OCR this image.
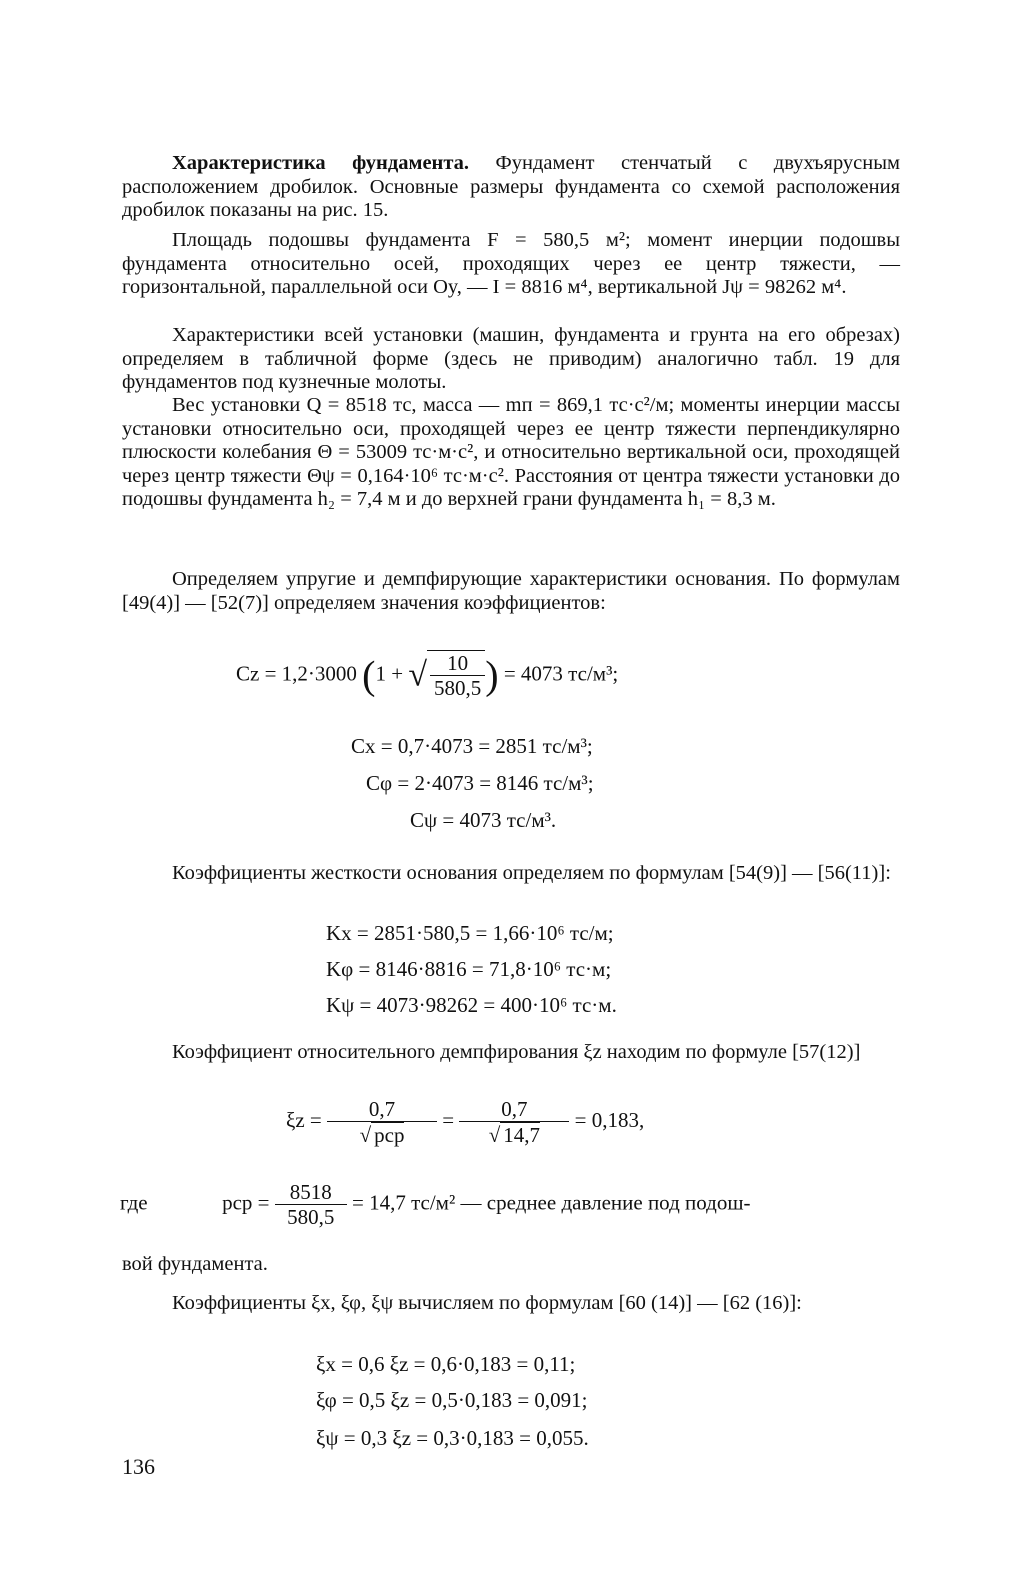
Характеристика фундамента. Фундамент стенчатый с двухъярусным расположением дробилок. Основные размеры фундамента со схемой расположения дробилок показаны на рис. 15.

Площадь подошвы фундамента F = 580,5 м²; момент инерции подошвы фундамента относительно осей, проходящих через ее центр тяжести, — горизонтальной, параллельной оси Oy, — I = 8816 м⁴, вертикальной Jψ = 98262 м⁴.

Характеристики всей установки (машин, фундамента и грунта на его обрезах) определяем в табличной форме (здесь не приводим) аналогично табл. 19 для фундаментов под кузнечные молоты.

Вес установки Q = 8518 тс, масса — mп = 869,1 тс·с²/м; моменты инерции массы установки относительно оси, проходящей через ее центр тяжести перпендикулярно плюскости колебания Θ = 53009 тс·м·с², и относительно вертикальной оси, проходящей через центр тяжести Θψ = 0,164·10⁶ тс·м·с². Расстояния от центра тяжести установки до подошвы фундамента h₂ = 7,4 м и до верхней грани фундамента h₁ = 8,3 м.

Определяем упругие и демпфирующие характеристики основания. По формулам [49(4)] — [52(7)] определяем значения коэффициентов:

Cz = 1,2·3000 (1 + √ $\frac{10}{580,5}$ ) = 4073 тс/м³;
Cx = 0,7·4073 = 2851 тс/м³;
Cφ = 2·4073 = 8146 тс/м³;
Cψ = 4073 тс/м³.

Коэффициенты жесткости основания определяем по формулам [54(9)] — [56(11)]:

Kx = 2851·580,5 = 1,66·10⁶ тс/м;
Kφ = 8146·8816 = 71,8·10⁶ тс·м;
Kψ = 4073·98262 = 400·10⁶ тс·м.

Коэффициент относительного демпфирования ξz находим по формуле [57(12)]

$\xi z = \frac{0,7}{\text{√ pср}} = \frac{0,7}{√ 14,7} = 0,183$,
где	pср = $\frac{8518}{580,5} = 14,7$ тс/м² — среднее давление под подош-

вой фундамента.

Коэффициенты ξx, ξφ, ξψ вычисляем по формулам [60 (14)] — [62 (16)]:

ξx = 0,6 ξz = 0,6·0,183 = 0,11;
ξφ = 0,5 ξz = 0,5·0,183 = 0,091;
ξψ = 0,3 ξz = 0,3·0,183 = 0,055.
136
